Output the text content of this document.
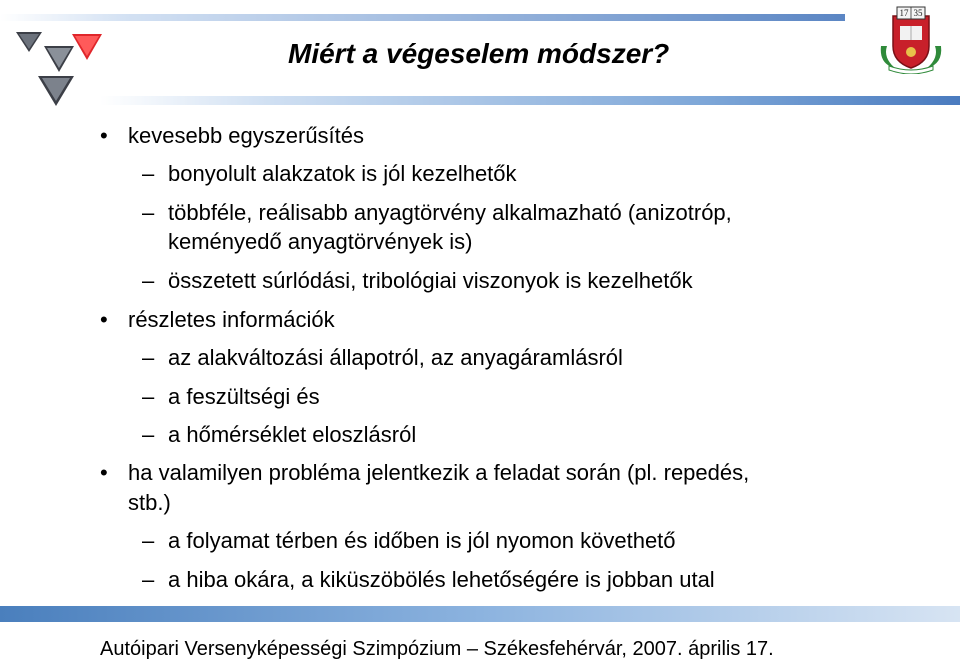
Miért a végeselem módszer?
17 35
• kevesebb egyszerűsítés
– bonyolult alakzatok is jól kezelhetők
– többféle, reálisabb anyagtörvény alkalmazható (anizotróp,
keményedő anyagtörvények is)
– összetett súrlódási, tribológiai viszonyok is kezelhetők
• részletes információk
– az alakváltozási állapotról, az anyagáramlásról
– a feszültségi és
– a hőmérséklet eloszlásról
• ha valamilyen probléma jelentkezik a feladat során (pl. repedés,
stb.)
– a folyamat térben és időben is jól nyomon követhető
– a hiba okára, a kiküszöbölés lehetőségére is jobban utal
Autóipari Versenyképességi Szimpózium – Székesfehérvár, 2007. április 17.
